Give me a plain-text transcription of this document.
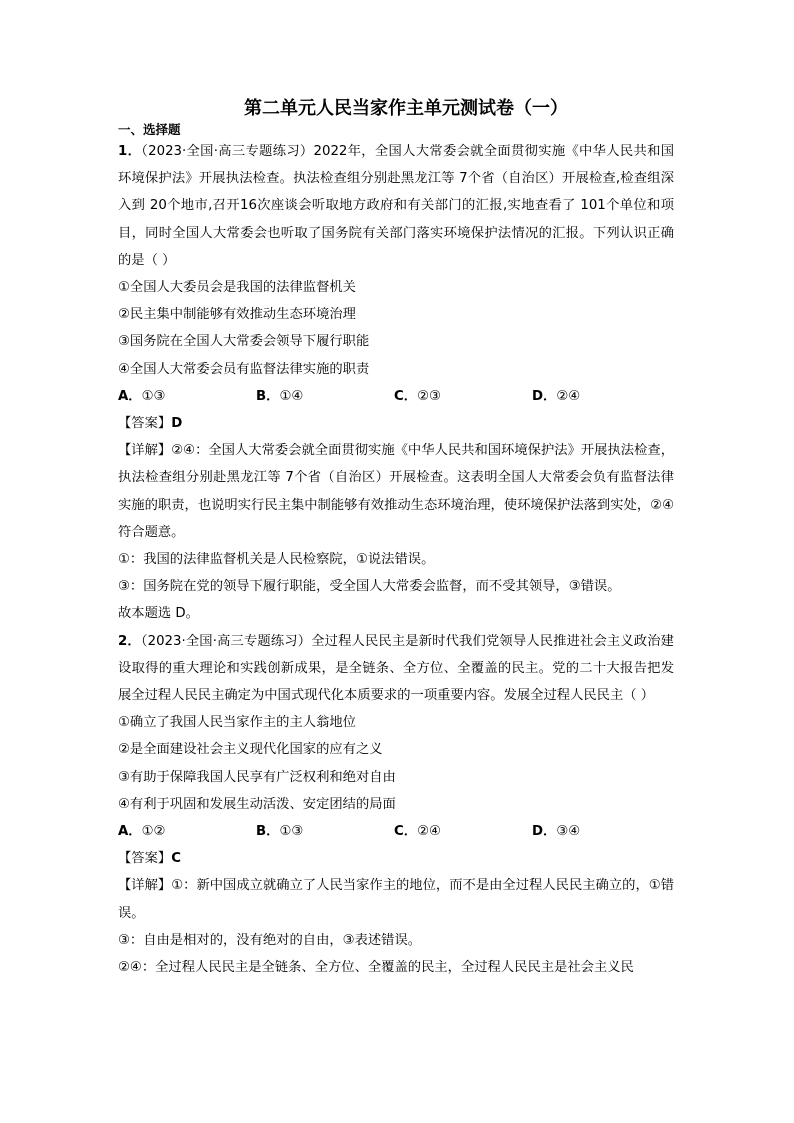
第二单元人民当家作主单元测试卷（一）

一、选择题

1．（2023·全国·高三专题练习）2022年，全国人大常委会就全面贯彻实施《中华人民共和国环境保护法》开展执法检查。执法检查组分别赴黑龙江等 7个省（自治区）开展检查,检查组深入到 20个地市,召开16次座谈会听取地方政府和有关部门的汇报,实地查看了 101个单位和项目，同时全国人大常委会也听取了国务院有关部门落实环境保护法情况的汇报。下列认识正确的是（ ）

①全国人大委员会是我国的法律监督机关

②民主集中制能够有效推动生态环境治理

③国务院在全国人大常委会领导下履行职能

④全国人大常委会员有监督法律实施的职责

A．①③	B．①④	C．②③	D．②④

【答案】D

【详解】②④：全国人大常委会就全面贯彻实施《中华人民共和国环境保护法》开展执法检查，执法检查组分别赴黑龙江等 7个省（自治区）开展检查。这表明全国人大常委会负有监督法律实施的职责，也说明实行民主集中制能够有效推动生态环境治理，使环境保护法落到实处，②④符合题意。

①：我国的法律监督机关是人民检察院，①说法错误。

③：国务院在党的领导下履行职能，受全国人大常委会监督，而不受其领导，③错误。

故本题选 D。

2．（2023·全国·高三专题练习）全过程人民民主是新时代我们党领导人民推进社会主义政治建设取得的重大理论和实践创新成果，是全链条、全方位、全覆盖的民主。党的二十大报告把发展全过程人民民主确定为中国式现代化本质要求的一项重要内容。发展全过程人民民主（ ）

①确立了我国人民当家作主的主人翁地位

②是全面建设社会主义现代化国家的应有之义

③有助于保障我国人民享有广泛权利和绝对自由

④有利于巩固和发展生动活泼、安定团结的局面

A．①②	B．①③	C．②④	D．③④

【答案】C

【详解】①：新中国成立就确立了人民当家作主的地位，而不是由全过程人民民主确立的，①错误。

③：自由是相对的，没有绝对的自由，③表述错误。

②④：全过程人民民主是全链条、全方位、全覆盖的民主，全过程人民民主是社会主义民
